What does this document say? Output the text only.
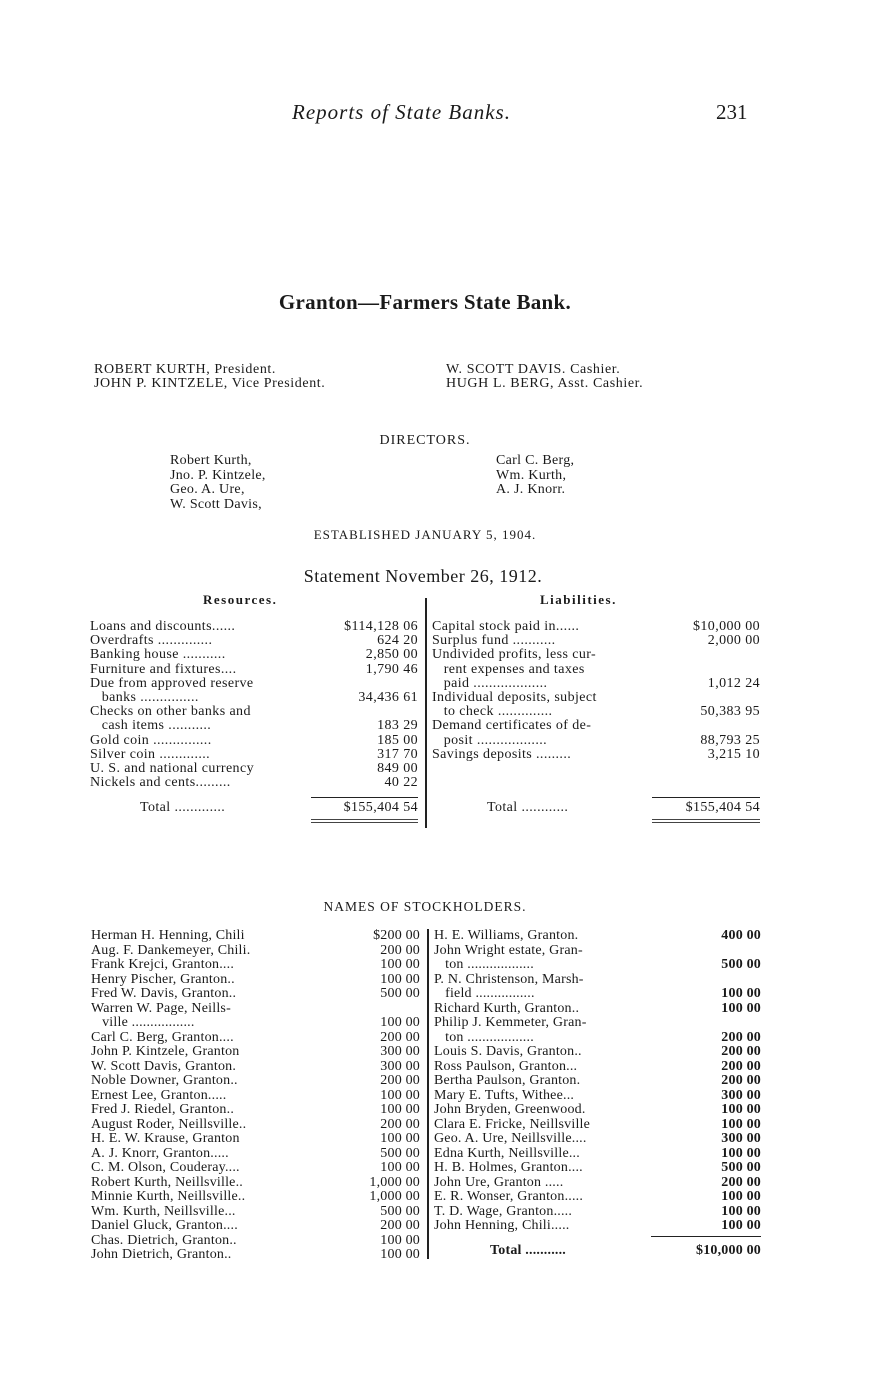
Reports of State Banks.	231
Granton—Farmers State Bank.
ROBERT KURTH, President.
JOHN P. KINTZELE, Vice President.
W. SCOTT DAVIS. Cashier.
HUGH L. BERG, Asst. Cashier.
DIRECTORS.
Robert Kurth,
Jno. P. Kintzele,
Geo. A. Ure,
W. Scott Davis,
Carl C. Berg,
Wm. Kurth,
A. J. Knorr.
ESTABLISHED JANUARY 5, 1904.
Statement November 26, 1912.
Resources.	Liabilities.
Loans and discounts......	$114,128 06
Overdrafts ..............	624 20
Banking house ...........	2,850 00
Furniture and fixtures....	1,790 46
Due from approved reserve
banks ...............	34,436 61
Checks on other banks and
cash items ...........	183 29
Gold coin ...............	185 00
Silver coin .............	317 70
U. S. and national currency	849 00
Nickels and cents.........	40 22
Capital stock paid in......	$10,000 00
Surplus fund ...........	2,000 00
Undivided profits, less cur-
rent expenses and taxes
paid ...................	1,012 24
Individual deposits, subject
to check ..............	50,383 95
Demand certificates of de-
posit ..................	88,793 25
Savings deposits .........	3,215 10
Total .............	$155,404 54	Total ............	$155,404 54
NAMES OF STOCKHOLDERS.
Herman H. Henning, Chili	$200 00
Aug. F. Dankemeyer, Chili.	200 00
Frank Krejci, Granton....	100 00
Henry Pischer, Granton..	100 00
Fred W. Davis, Granton..	500 00
Warren W. Page, Neills-
ville .................	100 00
Carl C. Berg, Granton....	200 00
John P. Kintzele, Granton	300 00
W. Scott Davis, Granton.	300 00
Noble Downer, Granton..	200 00
Ernest Lee, Granton.....	100 00
Fred J. Riedel, Granton..	100 00
August Roder, Neillsville..	200 00
H. E. W. Krause, Granton	100 00
A. J. Knorr, Granton.....	500 00
C. M. Olson, Couderay....	100 00
Robert Kurth, Neillsville..	1,000 00
Minnie Kurth, Neillsville..	1,000 00
Wm. Kurth, Neillsville...	500 00
Daniel Gluck, Granton....	200 00
Chas. Dietrich, Granton..	100 00
John Dietrich, Granton..	100 00
H. E. Williams, Granton.	400 00
John Wright estate, Gran-
ton ..................	500 00
P. N. Christenson, Marsh-
field ................	100 00
Richard Kurth, Granton..	100 00
Philip J. Kemmeter, Gran-
ton ..................	200 00
Louis S. Davis, Granton..	200 00
Ross Paulson, Granton...	200 00
Bertha Paulson, Granton.	200 00
Mary E. Tufts, Withee...	300 00
John Bryden, Greenwood.	100 00
Clara E. Fricke, Neillsville	100 00
Geo. A. Ure, Neillsville....	300 00
Edna Kurth, Neillsville...	100 00
H. B. Holmes, Granton....	500 00
John Ure, Granton .....	200 00
E. R. Wonser, Granton.....	100 00
T. D. Wage, Granton.....	100 00
John Henning, Chili.....	100 00
Total ...........	$10,000 00
